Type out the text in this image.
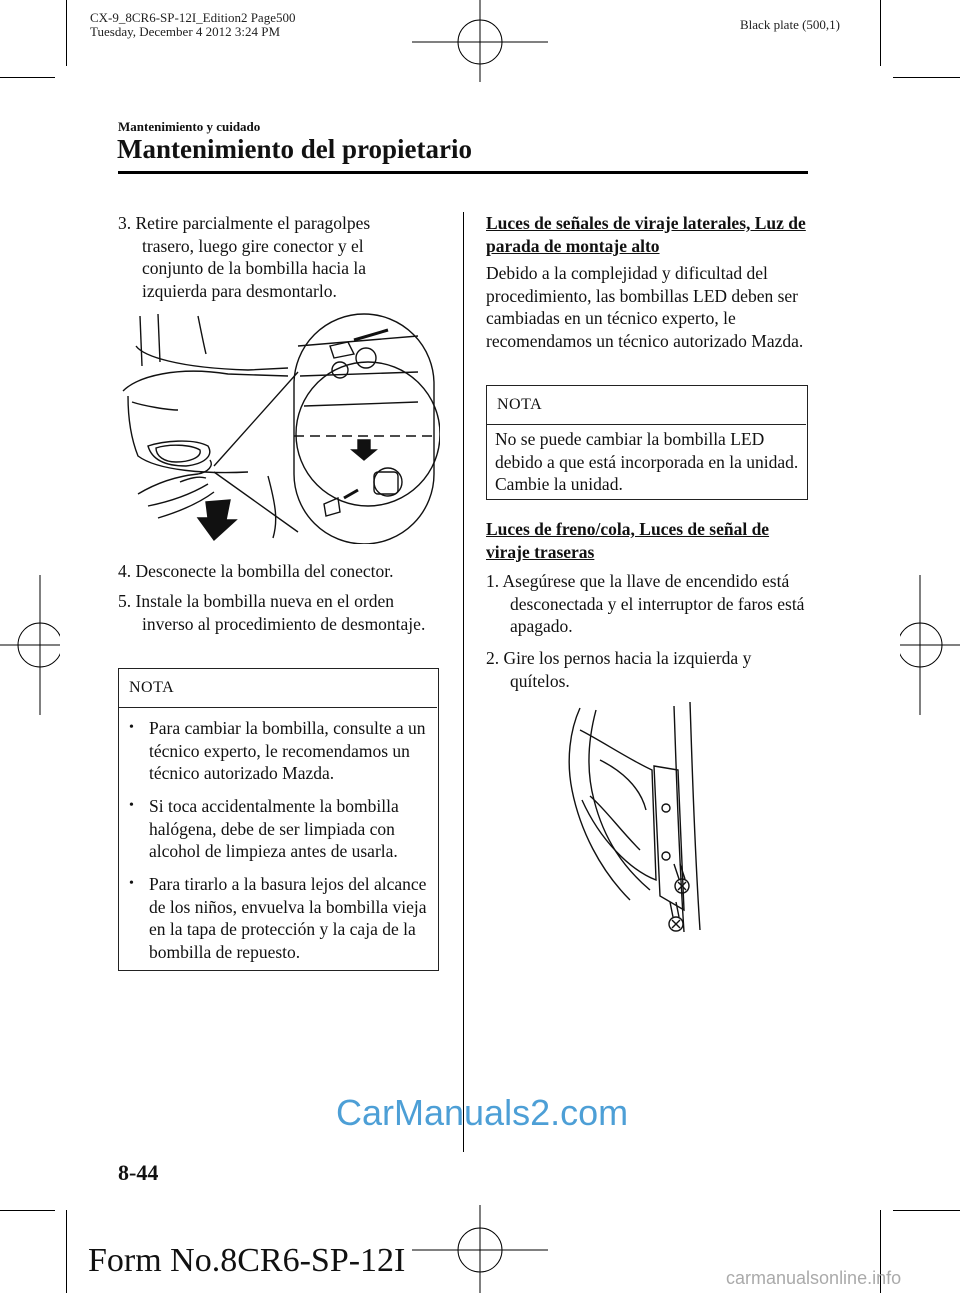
CX-9_8CR6-SP-12I_Edition2 Page500
Tuesday, December 4 2012 3:24 PM	Black plate (500,1)
Mantenimiento y cuidado
Mantenimiento del propietario
3. Retire parcialmente el paragolpes trasero, luego gire conector y el conjunto de la bombilla hacia la izquierda para desmontarlo.
4. Desconecte la bombilla del conector.
5. Instale la bombilla nueva en el orden inverso al procedimiento de desmontaje.
NOTA
• Para cambiar la bombilla, consulte a un técnico experto, le recomendamos un técnico autorizado Mazda.
• Si toca accidentalmente la bombilla halógena, debe de ser limpiada con alcohol de limpieza antes de usarla.
• Para tirarlo a la basura lejos del alcance de los niños, envuelva la bombilla vieja en la tapa de protección y la caja de la bombilla de repuesto.
Luces de señales de viraje laterales, Luz de parada de montaje alto
Debido a la complejidad y dificultad del procedimiento, las bombillas LED deben ser cambiadas en un técnico experto, le recomendamos un técnico autorizado Mazda.
NOTA
No se puede cambiar la bombilla LED debido a que está incorporada en la unidad. Cambie la unidad.
Luces de freno/cola, Luces de señal de viraje traseras
1. Asegúrese que la llave de encendido está desconectada y el interruptor de faros está apagado.
2. Gire los pernos hacia la izquierda y quítelos.
8-44
CarManuals2.com
Form No.8CR6-SP-12I	carmanualsonline.info
